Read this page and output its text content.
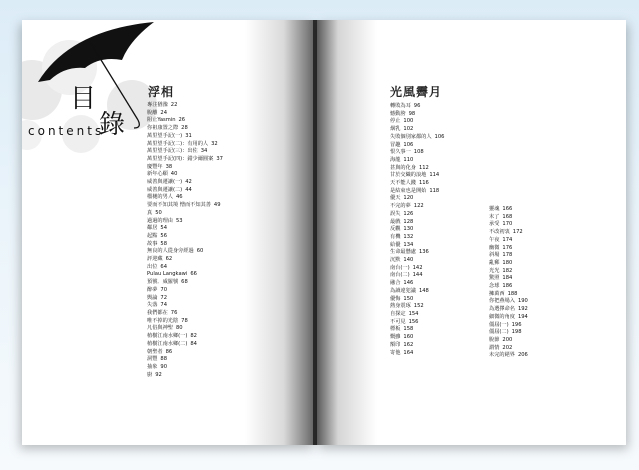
目
錄
contents
浮相
專注猶豫 22
脫離 24
阻止Yasmin 26
你祖康置之際 28
萬里望手記(一) 31
萬里望手記(二)：有用的人 32
萬里望手記(三)：出佐 34
萬里望手記(四)：錯少爾圓案 37
慶豐年 38
新年心願 40
威善與遷讓(一) 42
威善與遷讓(二) 44
榴槤的男人 46
要而不知其境 憎而不知其善 49
真 50
過過的理由 53
鄰居 54
起點 56
故事 58
無良的人從身旁經過 60
評迎藏 62
出位 64
Pulau Langkawi 66
預號．威羅號 68
醉夢 70
輿論 72
失落 74
我們都在 76
唯不掉的光陰 78
凡俗與神聖 80
植樹江南水鄉(一) 82
植樹江南水鄉(二) 84
朝聖者 86
洞豐 88
抽象 90
廚 92
光風霽月
轉敗為耳 96
憾動胯 98
停止 100
烟乳 102
失敗個別家都的人 106
冒趣 106
恨久事一 108
海龍 110
甚與的化身 112
甘於交織的浪地 114
天不能人錢 116
是結束也是開始 118
優天 120
不完的夢 122
誤失 126
最戲 128
反觀 130
有機 132
給優 134
生命最懸處 136
沉默 140
南台(一) 142
南台(二) 144
融合 146
為讀違犯議 148
優悔 150
熱身震琢 152
自探定 154
不可見 156
標板 158
慨雖 160
額印 162
寄他 164
靈魂 166
末了 168
承受 170
不改初衷 172
午夜 174
幽微 176
斜場 178
亂郵 180
光光 182
驚照 184
念球 186
擁萬西 188
你把燕場入 190
為選擇命名 192
細微的角度 194
僵屆(一) 196
僵屆(二) 198
脫節 200
謂情 202
未完的絕界 206
